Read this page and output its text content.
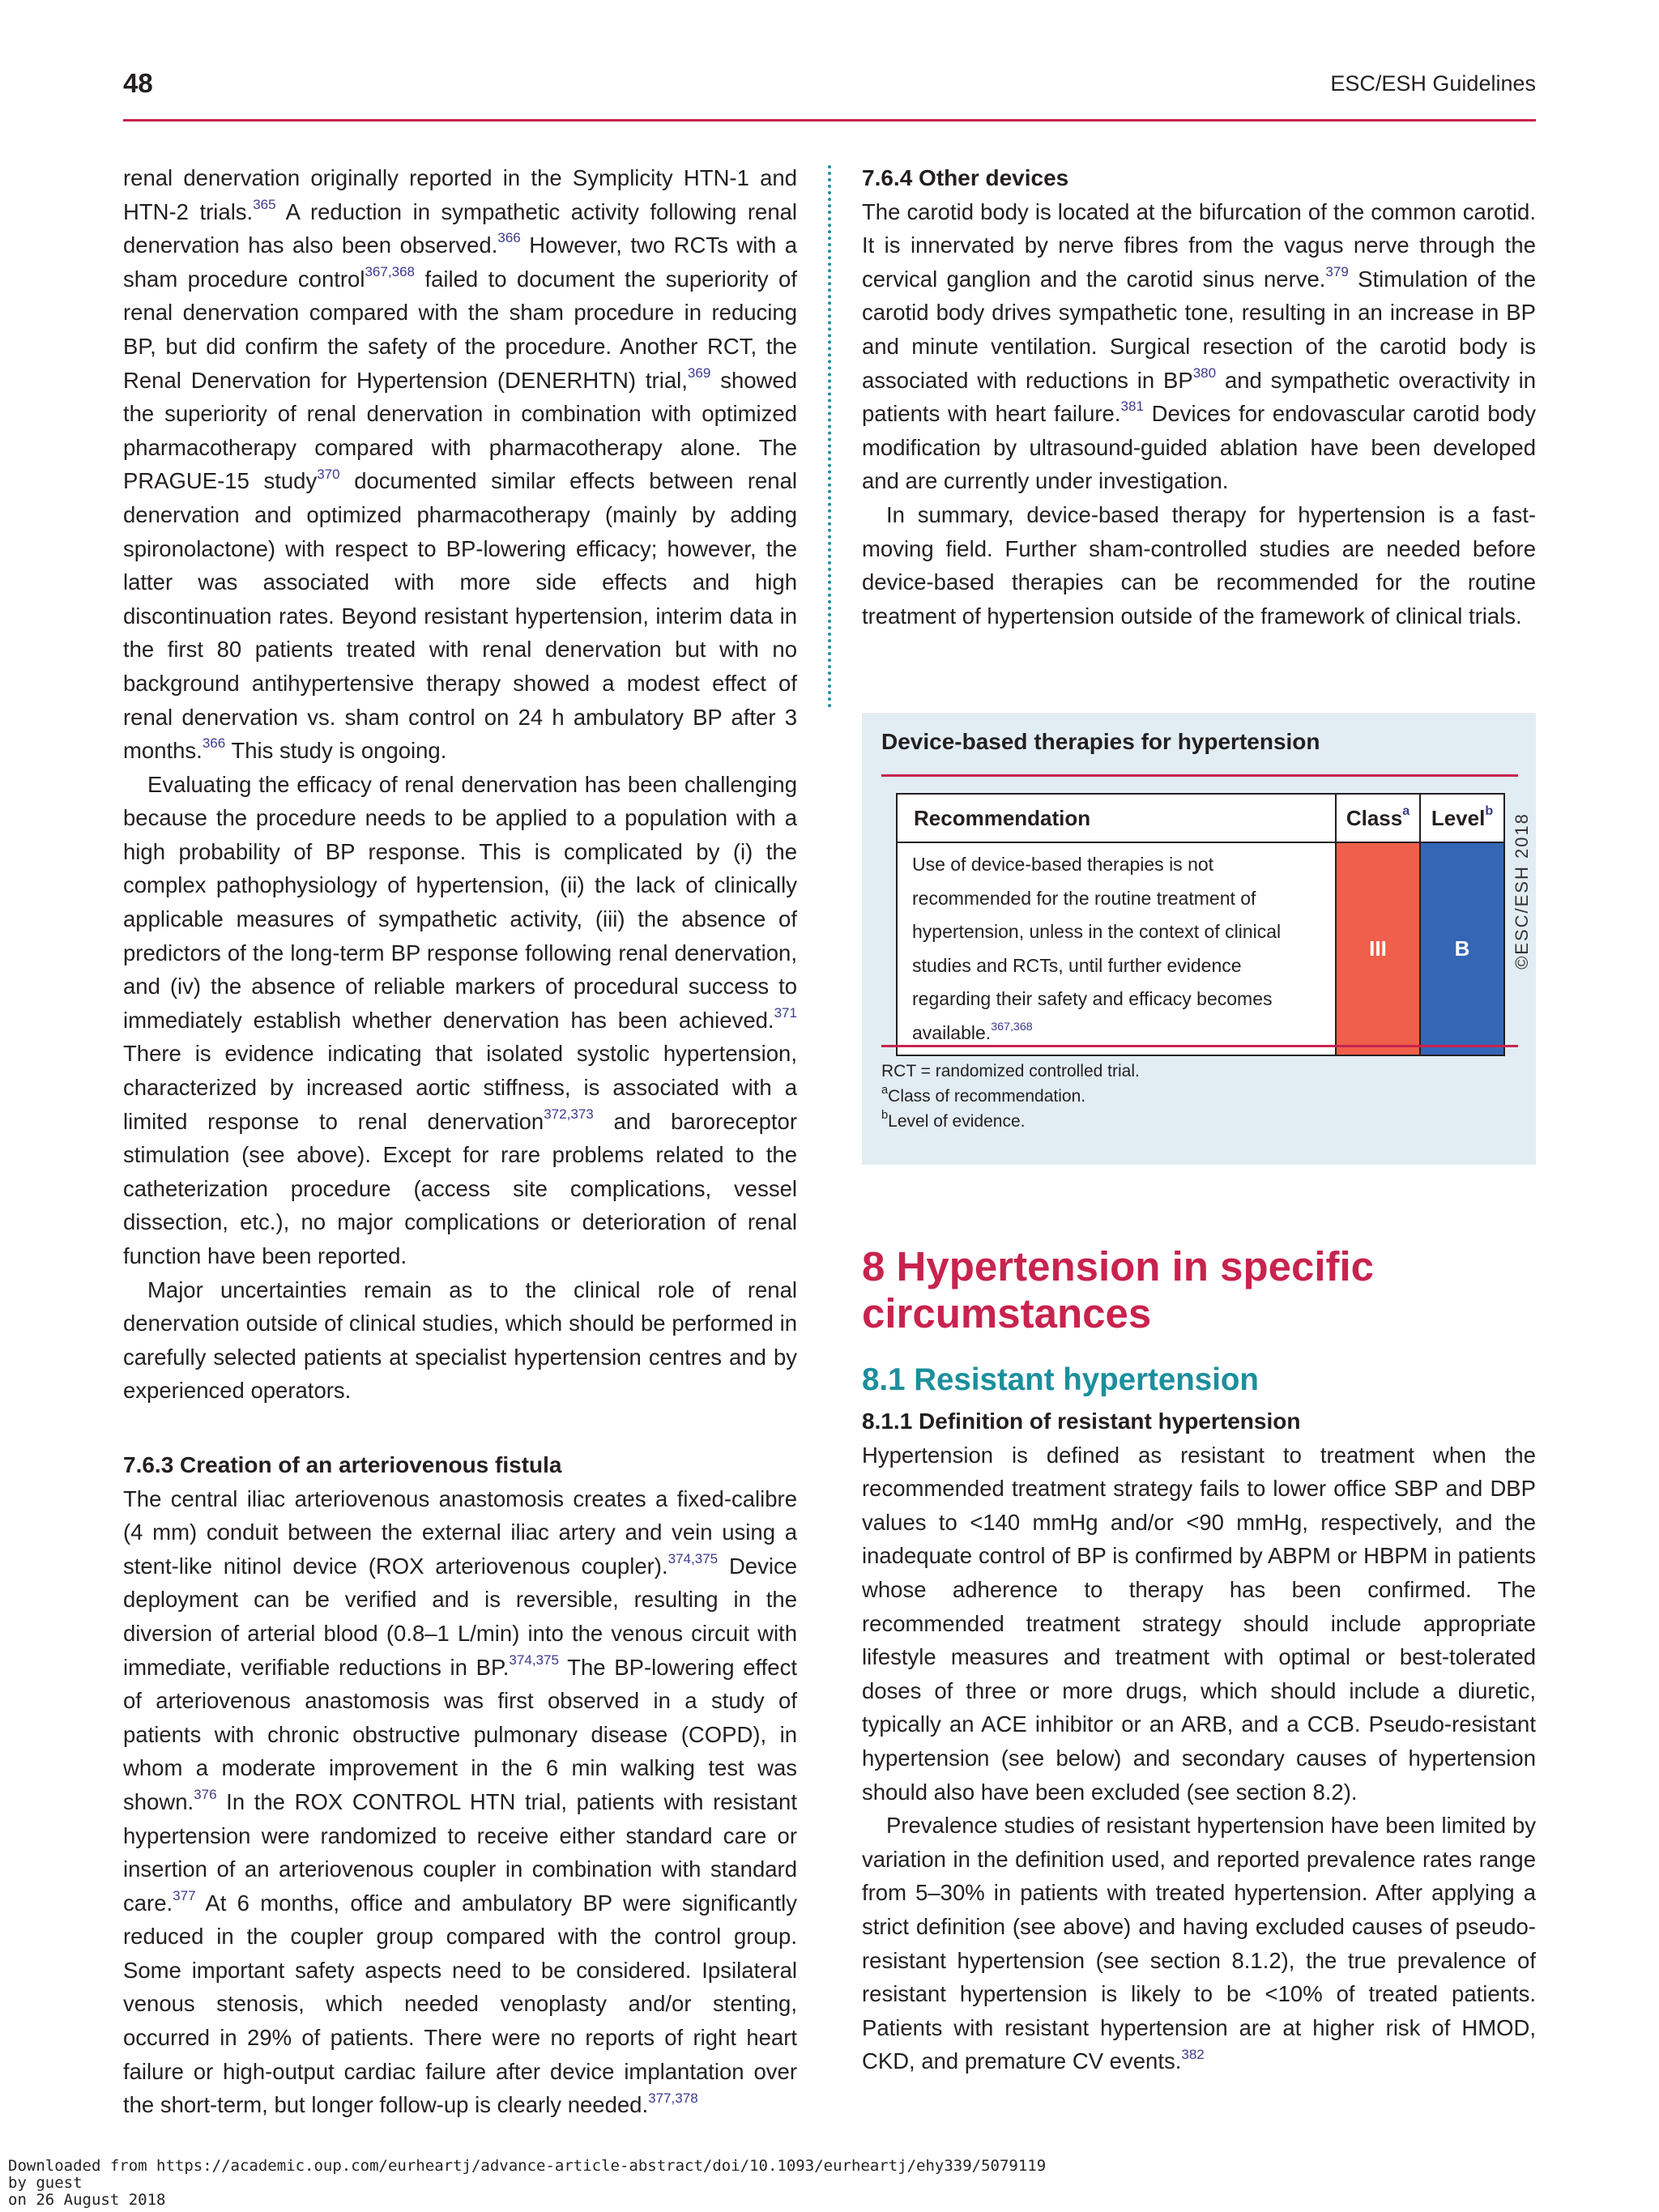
48	ESC/ESH Guidelines

renal denervation originally reported in the Symplicity HTN-1 and HTN-2 trials.$^{365}$ A reduction in sympathetic activity following renal denervation has also been observed.$^{366}$ However, two RCTs with a sham procedure control$^{367,368}$ failed to document the superiority of renal denervation compared with the sham procedure in reducing BP, but did confirm the safety of the procedure. Another RCT, the Renal Denervation for Hypertension (DENERHTN) trial,$^{369}$ showed the superiority of renal denervation in combination with optimized pharmacotherapy compared with pharmacotherapy alone. The PRAGUE-15 study$^{370}$ documented similar effects between renal denervation and optimized pharmacotherapy (mainly by adding spironolactone) with respect to BP-lowering efficacy; however, the latter was associated with more side effects and high discontinuation rates. Beyond resistant hypertension, interim data in the first 80 patients treated with renal denervation but with no background antihypertensive therapy showed a modest effect of renal denervation vs. sham control on 24 h ambulatory BP after 3 months.$^{366}$ This study is ongoing.

Evaluating the efficacy of renal denervation has been challenging because the procedure needs to be applied to a population with a high probability of BP response. This is complicated by (i) the complex pathophysiology of hypertension, (ii) the lack of clinically applicable measures of sympathetic activity, (iii) the absence of predictors of the long-term BP response following renal denervation, and (iv) the absence of reliable markers of procedural success to immediately establish whether denervation has been achieved.$^{371}$ There is evidence indicating that isolated systolic hypertension, characterized by increased aortic stiffness, is associated with a limited response to renal denervation$^{372,373}$ and baroreceptor stimulation (see above). Except for rare problems related to the catheterization procedure (access site complications, vessel dissection, etc.), no major complications or deterioration of renal function have been reported.

Major uncertainties remain as to the clinical role of renal denervation outside of clinical studies, which should be performed in carefully selected patients at specialist hypertension centres and by experienced operators.

7.6.3 Creation of an arteriovenous fistula

The central iliac arteriovenous anastomosis creates a fixed-calibre (4 mm) conduit between the external iliac artery and vein using a stent-like nitinol device (ROX arteriovenous coupler).$^{374,375}$ Device deployment can be verified and is reversible, resulting in the diversion of arterial blood (0.8–1 L/min) into the venous circuit with immediate, verifiable reductions in BP.$^{374,375}$ The BP-lowering effect of arteriovenous anastomosis was first observed in a study of patients with chronic obstructive pulmonary disease (COPD), in whom a moderate improvement in the 6 min walking test was shown.$^{376}$ In the ROX CONTROL HTN trial, patients with resistant hypertension were randomized to receive either standard care or insertion of an arteriovenous coupler in combination with standard care.$^{377}$ At 6 months, office and ambulatory BP were significantly reduced in the coupler group compared with the control group. Some important safety aspects need to be considered. Ipsilateral venous stenosis, which needed venoplasty and/or stenting, occurred in 29% of patients. There were no reports of right heart failure or high-output cardiac failure after device implantation over the short-term, but longer follow-up is clearly needed.$^{377,378}$

7.6.4 Other devices

The carotid body is located at the bifurcation of the common carotid. It is innervated by nerve fibres from the vagus nerve through the cervical ganglion and the carotid sinus nerve.$^{379}$ Stimulation of the carotid body drives sympathetic tone, resulting in an increase in BP and minute ventilation. Surgical resection of the carotid body is associated with reductions in BP$^{380}$ and sympathetic overactivity in patients with heart failure.$^{381}$ Devices for endovascular carotid body modification by ultrasound-guided ablation have been developed and are currently under investigation.

In summary, device-based therapy for hypertension is a fast-moving field. Further sham-controlled studies are needed before device-based therapies can be recommended for the routine treatment of hypertension outside of the framework of clinical trials.

Device-based therapies for hypertension
Recommendation	Class$^a$	Level$^b$
Use of device-based therapies is not recommended for the routine treatment of hypertension, unless in the context of clinical studies and RCTs, until further evidence regarding their safety and efficacy becomes available.$^{367,368}$	III	B
RCT = randomized controlled trial.
$^a$Class of recommendation.
$^b$Level of evidence.
©ESC/ESH 2018
8 Hypertension in specific
circumstances
8.1 Resistant hypertension

8.1.1 Definition of resistant hypertension

Hypertension is defined as resistant to treatment when the recommended treatment strategy fails to lower office SBP and DBP values to <140 mmHg and/or <90 mmHg, respectively, and the inadequate control of BP is confirmed by ABPM or HBPM in patients whose adherence to therapy has been confirmed. The recommended treatment strategy should include appropriate lifestyle measures and treatment with optimal or best-tolerated doses of three or more drugs, which should include a diuretic, typically an ACE inhibitor or an ARB, and a CCB. Pseudo-resistant hypertension (see below) and secondary causes of hypertension should also have been excluded (see section 8.2).

Prevalence studies of resistant hypertension have been limited by variation in the definition used, and reported prevalence rates range from 5–30% in patients with treated hypertension. After applying a strict definition (see above) and having excluded causes of pseudo-resistant hypertension (see section 8.1.2), the true prevalence of resistant hypertension is likely to be <10% of treated patients. Patients with resistant hypertension are at higher risk of HMOD, CKD, and premature CV events.$^{382}$

Downloaded from https://academic.oup.com/eurheartj/advance-article-abstract/doi/10.1093/eurheartj/ehy339/5079119
by guest
on 26 August 2018
